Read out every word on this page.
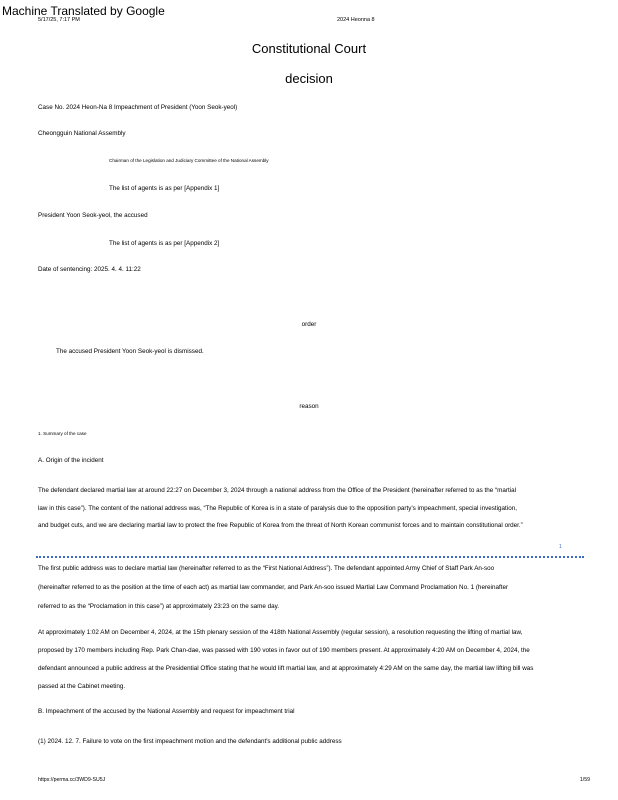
Machine Translated by Google
5/17/25, 7:17 PM	2024 Heonna 8
Constitutional Court
decision
Case No. 2024 Heon-Na 8 Impeachment of President (Yoon Seok-yeol)
Cheongguin National Assembly
Chairman of the Legislation and Judiciary Committee of the National Assembly
The list of agents is as per [Appendix 1]
President Yoon Seok-yeol, the accused
The list of agents is as per [Appendix 2]
Date of sentencing: 2025. 4. 4. 11:22
order
The accused President Yoon Seok-yeol is dismissed.
reason
1. Summary of the case
A. Origin of the incident
The defendant declared martial law at around 22:27 on December 3, 2024 through a national address from the Office of the President (hereinafter referred to as the “martial
law in this case”). The content of the national address was, “The Republic of Korea is in a state of paralysis due to the opposition party’s impeachment, special investigation,
and budget cuts, and we are declaring martial law to protect the free Republic of Korea from the threat of North Korean communist forces and to maintain constitutional order.”
1
The first public address was to declare martial law (hereinafter referred to as the “First National Address”). The defendant appointed Army Chief of Staff Park An-soo
(hereinafter referred to as the position at the time of each act) as martial law commander, and Park An-soo issued Martial Law Command Proclamation No. 1 (hereinafter
referred to as the “Proclamation in this case”) at approximately 23:23 on the same day.
At approximately 1:02 AM on December 4, 2024, at the 15th plenary session of the 418th National Assembly (regular session), a resolution requesting the lifting of martial law,
proposed by 170 members including Rep. Park Chan-dae, was passed with 190 votes in favor out of 190 members present. At approximately 4:20 AM on December 4, 2024, the
defendant announced a public address at the Presidential Office stating that he would lift martial law, and at approximately 4:29 AM on the same day, the martial law lifting bill was
passed at the Cabinet meeting.
B. Impeachment of the accused by the National Assembly and request for impeachment trial
(1) 2024. 12. 7. Failure to vote on the first impeachment motion and the defendant's additional public address
https://perma.cc/3WD9-SU5J	1/59
